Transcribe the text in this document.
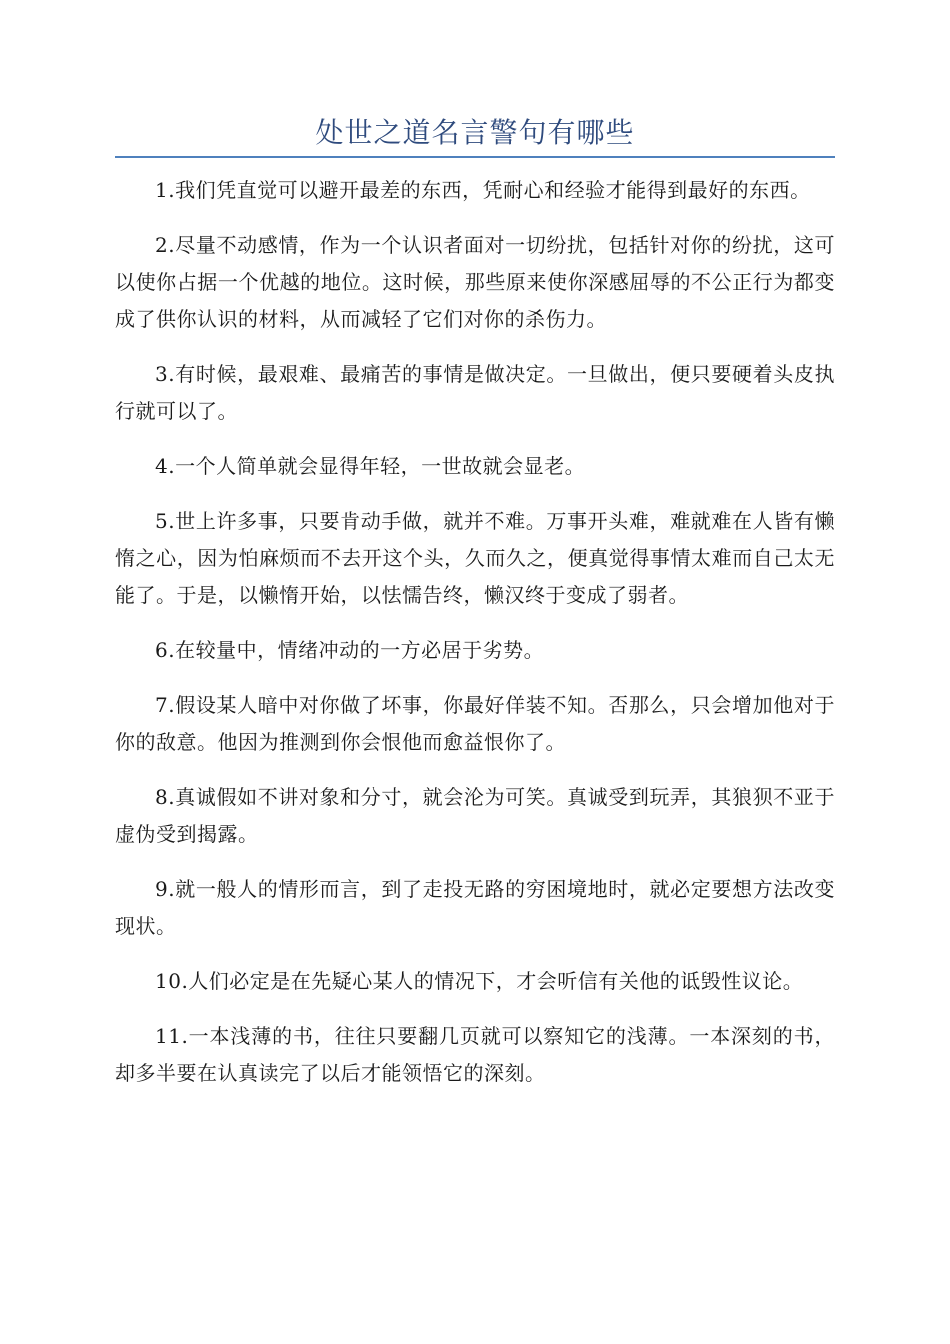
处世之道名言警句有哪些

1.我们凭直觉可以避开最差的东西，凭耐心和经验才能得到最好的东西。

2.尽量不动感情，作为一个认识者面对一切纷扰，包括针对你的纷扰，这可以使你占据一个优越的地位。这时候，那些原来使你深感屈辱的不公正行为都变成了供你认识的材料，从而减轻了它们对你的杀伤力。

3.有时候，最艰难、最痛苦的事情是做决定。一旦做出，便只要硬着头皮执行就可以了。

4.一个人简单就会显得年轻，一世故就会显老。

5.世上许多事，只要肯动手做，就并不难。万事开头难，难就难在人皆有懒惰之心，因为怕麻烦而不去开这个头，久而久之，便真觉得事情太难而自己太无能了。于是，以懒惰开始，以怯懦告终，懒汉终于变成了弱者。

6.在较量中，情绪冲动的一方必居于劣势。

7.假设某人暗中对你做了坏事，你最好佯装不知。否那么，只会增加他对于你的敌意。他因为推测到你会恨他而愈益恨你了。

8.真诚假如不讲对象和分寸，就会沦为可笑。真诚受到玩弄，其狼狈不亚于虚伪受到揭露。

9.就一般人的情形而言，到了走投无路的穷困境地时，就必定要想方法改变现状。

10.人们必定是在先疑心某人的情况下，才会听信有关他的诋毁性议论。

11.一本浅薄的书，往往只要翻几页就可以察知它的浅薄。一本深刻的书，却多半要在认真读完了以后才能领悟它的深刻。
